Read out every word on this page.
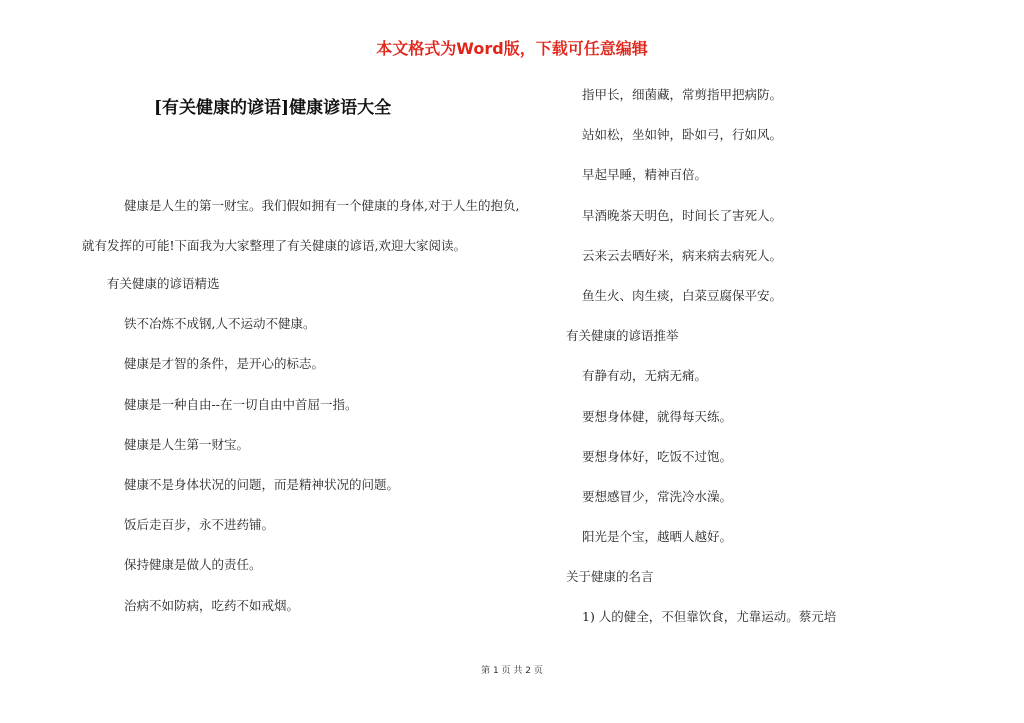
本文格式为Word版，下载可任意编辑
[有关健康的谚语]健康谚语大全

健康是人生的第一财宝。我们假如拥有一个健康的身体,对于人生的抱负,就有发挥的可能!下面我为大家整理了有关健康的谚语,欢迎大家阅读。

有关健康的谚语精选

铁不冶炼不成钢,人不运动不健康。

健康是才智的条件，是开心的标志。

健康是一种自由--在一切自由中首屈一指。

健康是人生第一财宝。

健康不是身体状况的问题，而是精神状况的问题。

饭后走百步，永不进药铺。

保持健康是做人的责任。

治病不如防病，吃药不如戒烟。

指甲长，细菌藏，常剪指甲把病防。

站如松，坐如钟，卧如弓，行如风。

早起早睡，精神百倍。

早酒晚茶天明色，时间长了害死人。

云来云去晒好米，病来病去病死人。

鱼生火、肉生痰，白菜豆腐保平安。

有关健康的谚语推举

有静有动，无病无痛。

要想身体健，就得每天练。

要想身体好，吃饭不过饱。

要想感冒少，常洗冷水澡。

阳光是个宝，越晒人越好。

关于健康的名言

1) 人的健全，不但靠饮食，尤靠运动。蔡元培

第 1 页 共 2 页
